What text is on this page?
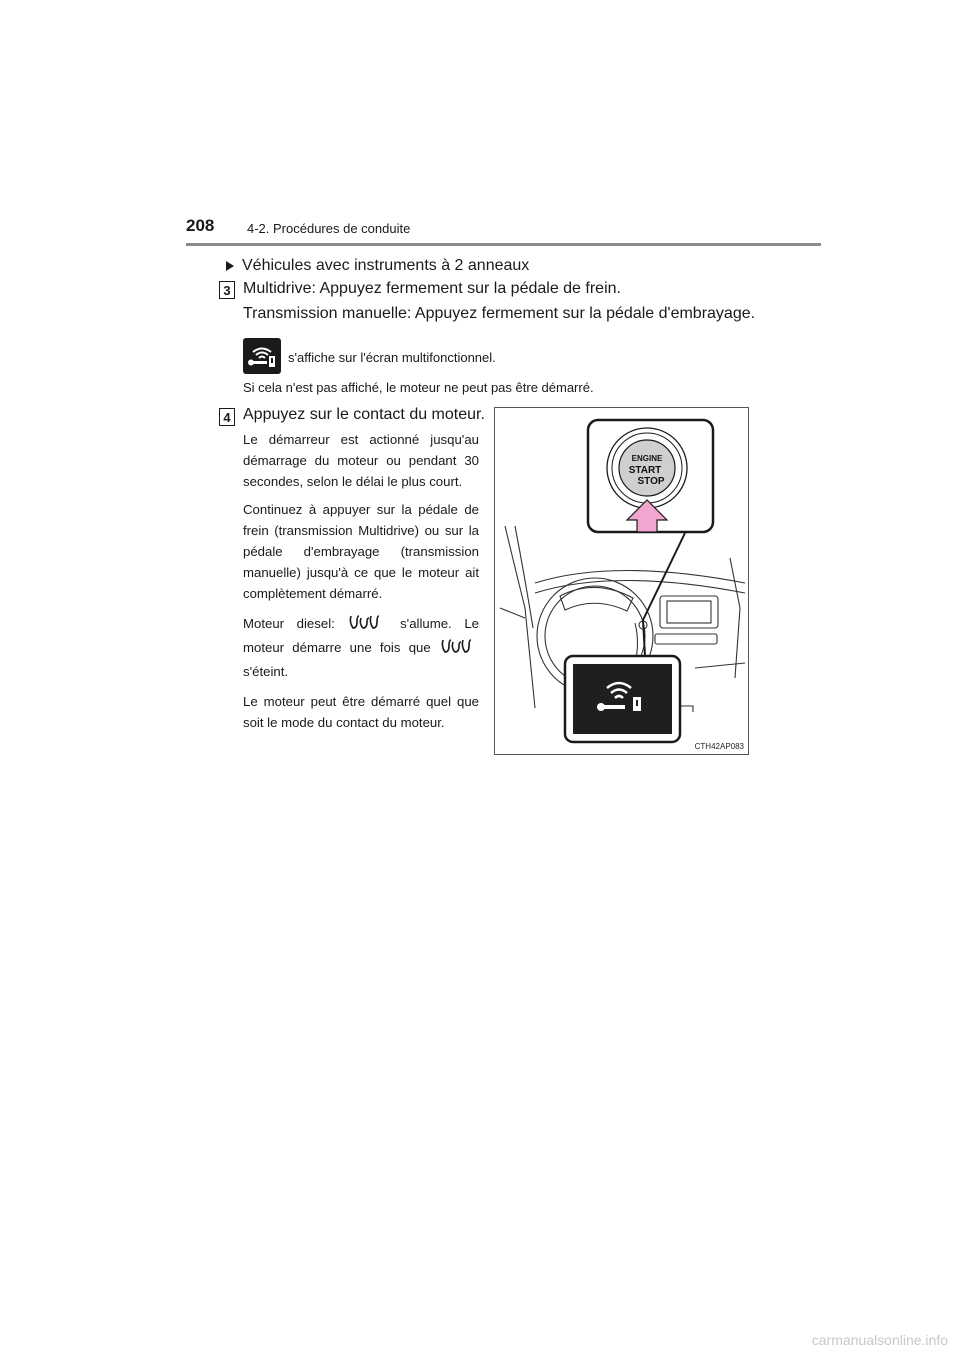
208	4-2. Procédures de conduite
Véhicules avec instruments à 2 anneaux
3 Multidrive: Appuyez fermement sur la pédale de frein.
Transmission manuelle: Appuyez fermement sur la pédale d'embrayage.
s'affiche sur l'écran multifonctionnel.
Si cela n'est pas affiché, le moteur ne peut pas être démarré.
4 Appuyez sur le contact du moteur.

Le démarreur est actionné jusqu'au démarrage du moteur ou pendant 30 secondes, selon le délai le plus court.

Continuez à appuyer sur la pédale de frein (transmission Multidrive) ou sur la pédale d'embrayage (transmission manuelle) jusqu'à ce que le moteur ait complètement démarré.

Moteur diesel:	s'allume. Le moteur démarre une fois que  s'éteint.

Le moteur peut être démarré quel que soit le mode du contact du moteur.

ENGINE
START
STOP
CTH42AP083
carmanualsonline.info
